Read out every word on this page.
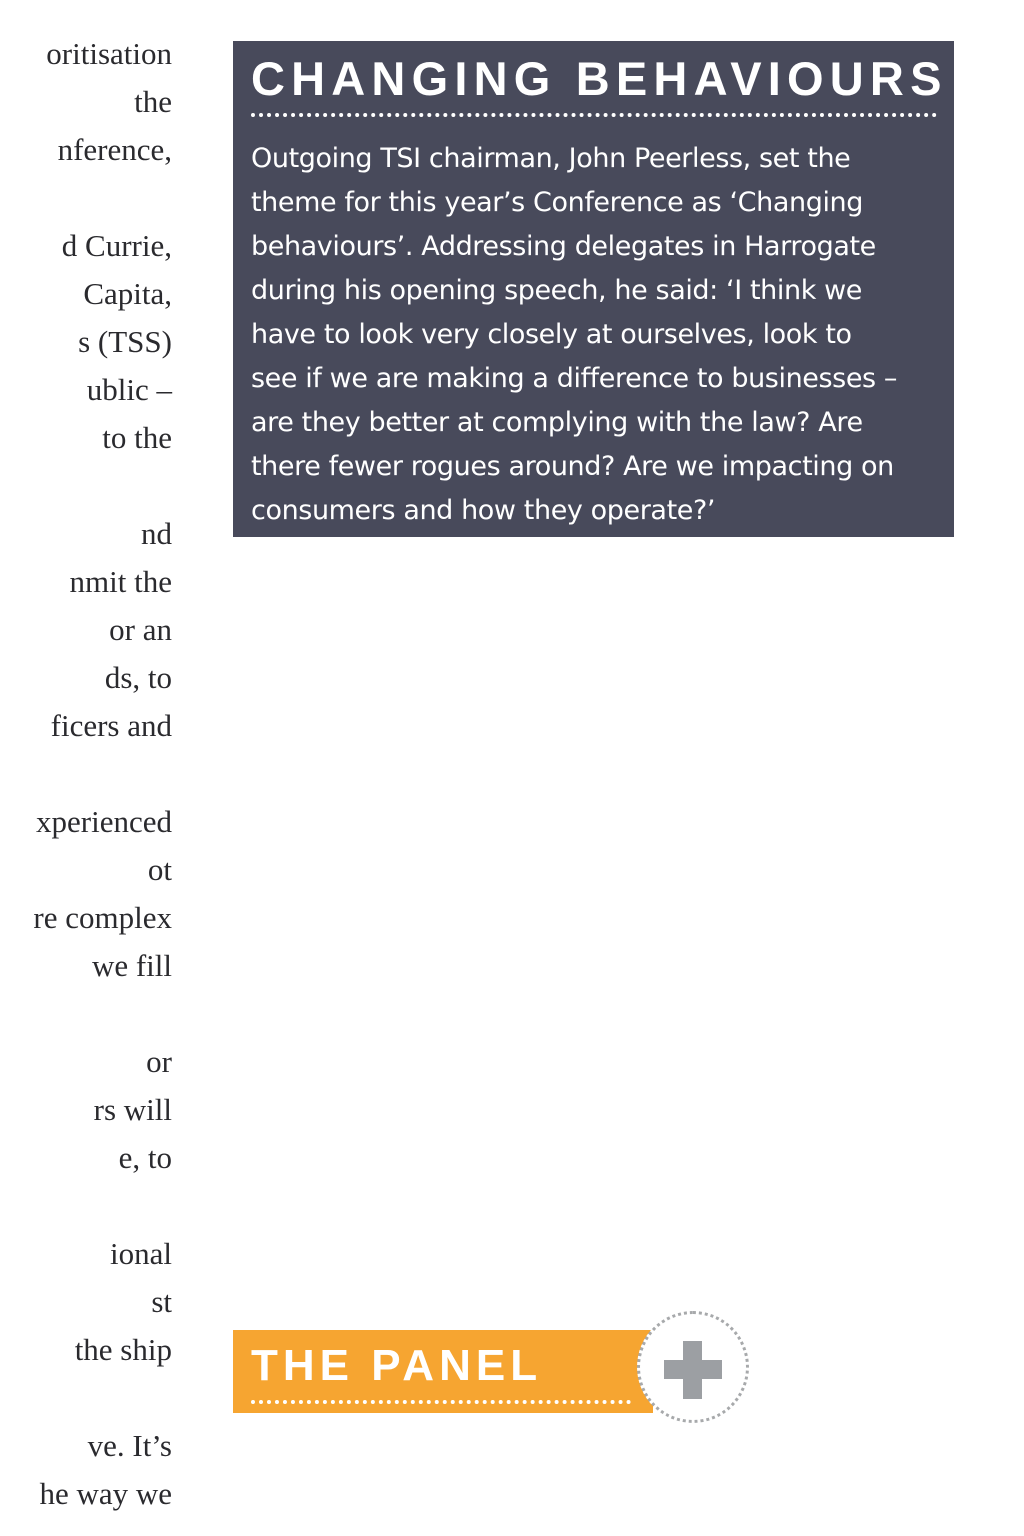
oritisation
the
nference,
d Currie,
Capita,
s (TSS)
ublic –
to the
nd
nmit the
or an
ds, to
ficers and
xperienced
ot
re complex
we fill
or
rs will
e, to
ional
st
the ship
ve. It’s
he way we
CHANGING BEHAVIOURS
Outgoing TSI chairman, John Peerless, set the
theme for this year’s Conference as ‘Changing
behaviours’. Addressing delegates in Harrogate
during his opening speech, he said: ‘I think we
have to look very closely at ourselves, look to
see if we are making a difference to businesses –
are they better at complying with the law? Are
there fewer rogues around? Are we impacting on
consumers and how they operate?’
THE PANEL
